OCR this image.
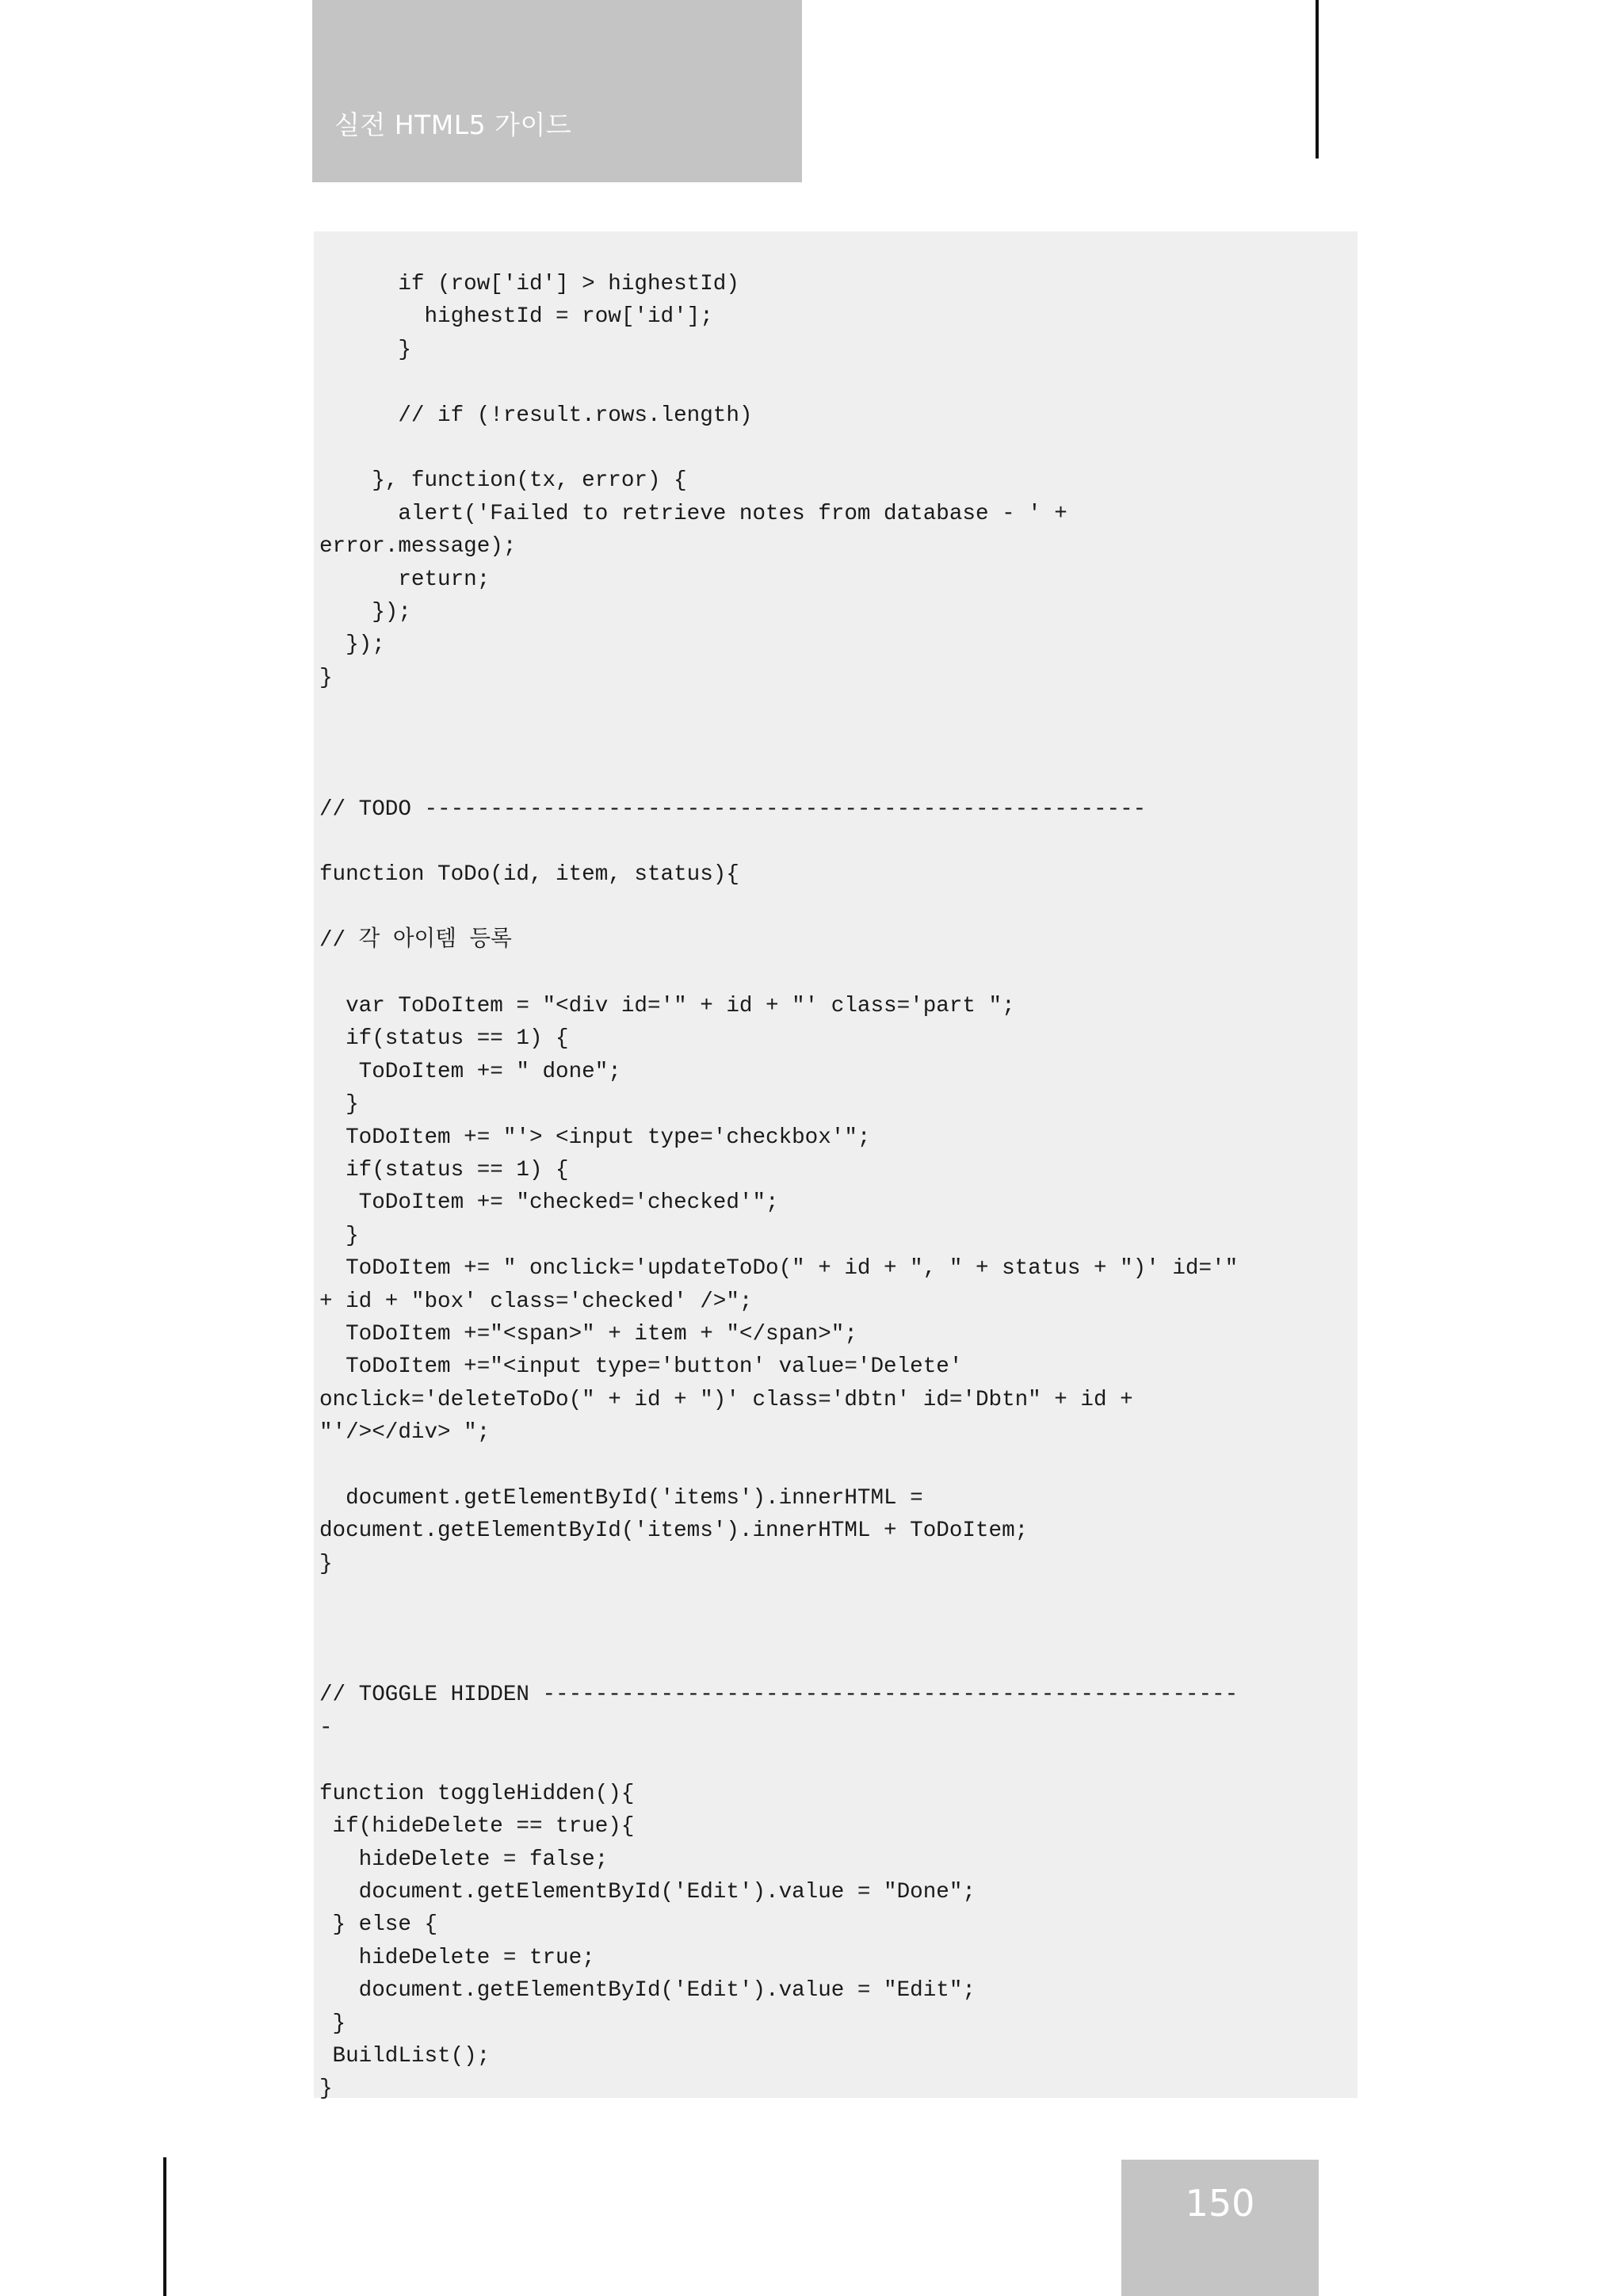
실전 HTML5 가이드
if (row['id'] > highestId)
highestId = row['id'];
}

// if (!result.rows.length)

}, function(tx, error) {
alert('Failed to retrieve notes from database - ' +
error.message);
return;
});
});
}

// TODO -------------------------------------------------------

function ToDo(id, item, status){

// 각 아이템 등록

var ToDoItem = "<div id='" + id + "' class='part ";
if(status == 1) {
ToDoItem += " done";
}
ToDoItem += "'> <input type='checkbox'";
if(status == 1) {
ToDoItem += "checked='checked'";
}
ToDoItem += " onclick='updateToDo(" + id + ", " + status + ")' id='"
+ id + "box' class='checked' />";
ToDoItem +="<span>" + item + "</span>";
ToDoItem +="<input type='button' value='Delete'
onclick='deleteToDo(" + id + ")' class='dbtn' id='Dbtn" + id +
"'/></div> ";

document.getElementById('items').innerHTML =
document.getElementById('items').innerHTML + ToDoItem;
}

// TOGGLE HIDDEN -----------------------------------------------------
-

function toggleHidden(){
if(hideDelete == true){
hideDelete = false;
document.getElementById('Edit').value = "Done";
} else {
hideDelete = true;
document.getElementById('Edit').value = "Edit";
}
BuildList();
}
150
